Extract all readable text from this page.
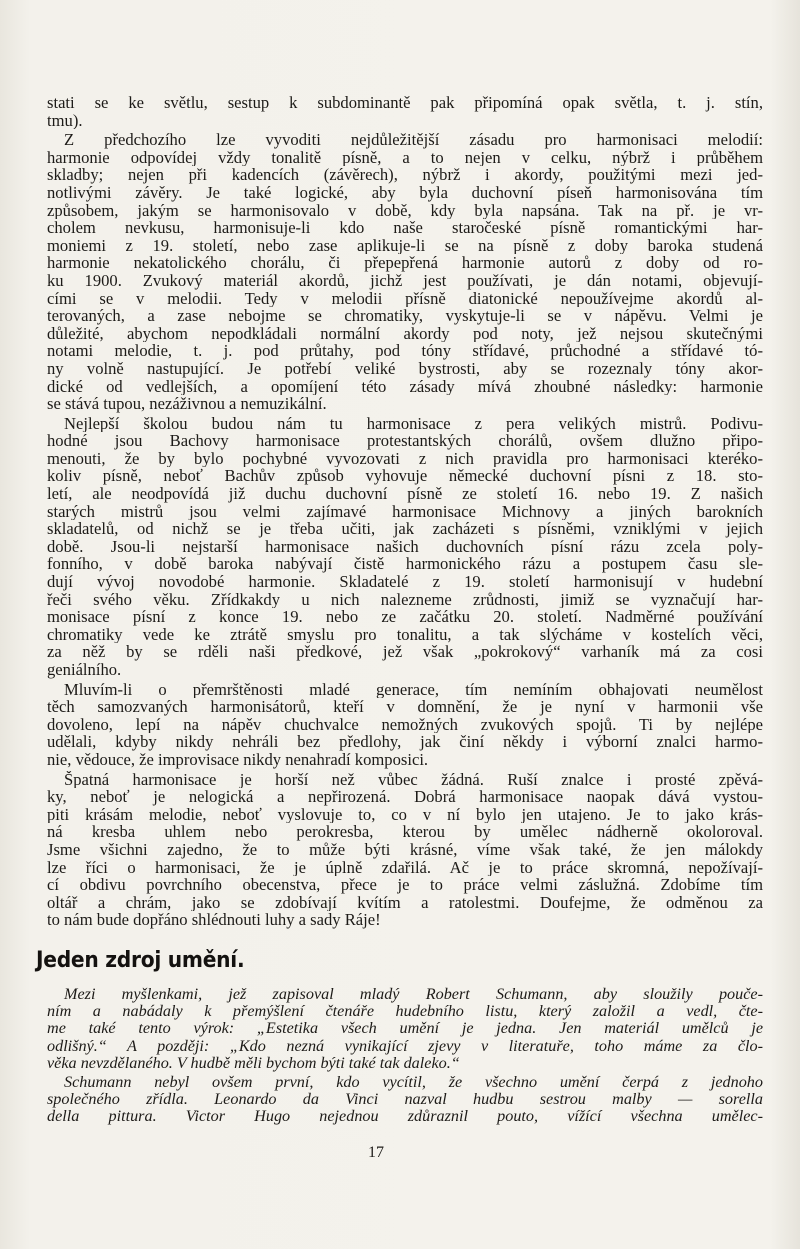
stati se ke světlu, sestup k subdominantě pak připomíná opak světla, t. j. stín,
tmu).
Z předchozího lze vyvoditi nejdůležitější zásadu pro harmonisaci melodií:
harmonie odpovídej vždy tonalitě písně, a to nejen v celku, nýbrž i průběhem
skladby; nejen při kadencích (závěrech), nýbrž i akordy, použitými mezi jed-
notlivými závěry. Je také logické, aby byla duchovní píseň harmonisována tím
způsobem, jakým se harmonisovalo v době, kdy byla napsána. Tak na př. je vr-
cholem nevkusu, harmonisuje-li kdo naše staročeské písně romantickými har-
moniemi z 19. století, nebo zase aplikuje-li se na písně z doby baroka studená
harmonie nekatolického chorálu, či přepepřená harmonie autorů z doby od ro-
ku 1900. Zvukový materiál akordů, jichž jest používati, je dán notami, objevují-
cími se v melodii. Tedy v melodii přísně diatonické nepoužívejme akordů al-
terovaných, a zase nebojme se chromatiky, vyskytuje-li se v nápěvu. Velmi je
důležité, abychom nepodkládali normální akordy pod noty, jež nejsou skutečnými
notami melodie, t. j. pod průtahy, pod tóny střídavé, průchodné a střídavé tó-
ny volně nastupující. Je potřebí veliké bystrosti, aby se rozeznaly tóny akor-
dické od vedlejších, a opomíjení této zásady mívá zhoubné následky: harmonie
se stává tupou, nezáživnou a nemuzikální.
Nejlepší školou budou nám tu harmonisace z pera velikých mistrů. Podivu-
hodné jsou Bachovy harmonisace protestantských chorálů, ovšem dlužno připo-
menouti, že by bylo pochybné vyvozovati z nich pravidla pro harmonisaci kteréko-
koliv písně, neboť Bachův způsob vyhovuje německé duchovní písni z 18. sto-
letí, ale neodpovídá již duchu duchovní písně ze století 16. nebo 19. Z našich
starých mistrů jsou velmi zajímavé harmonisace Michnovy a jiných barokních
skladatelů, od nichž se je třeba učiti, jak zacházeti s písněmi, vzniklými v jejich
době. Jsou-li nejstarší harmonisace našich duchovních písní rázu zcela poly-
fonního, v době baroka nabývají čistě harmonického rázu a postupem času sle-
dují vývoj novodobé harmonie. Skladatelé z 19. století harmonisují v hudební
řeči svého věku. Zřídkakdy u nich nalezneme zrůdnosti, jimiž se vyznačují har-
monisace písní z konce 19. nebo ze začátku 20. století. Nadměrné používání
chromatiky vede ke ztrátě smyslu pro tonalitu, a tak slýcháme v kostelích věci,
za něž by se rděli naši předkové, jež však „pokrokový“ varhaník má za cosi
geniálního.
Mluvím-li o přemrštěnosti mladé generace, tím nemíním obhajovati neumělost
těch samozvaných harmonisátorů, kteří v domnění, že je nyní v harmonii vše
dovoleno, lepí na nápěv chuchvalce nemožných zvukových spojů. Ti by nejlépe
udělali, kdyby nikdy nehráli bez předlohy, jak činí někdy i výborní znalci harmo-
nie, vědouce, že improvisace nikdy nenahradí komposici.
Špatná harmonisace je horší než vůbec žádná. Ruší znalce i prosté zpěvá-
ky, neboť je nelogická a nepřirozená. Dobrá harmonisace naopak dává vystou-
piti krásám melodie, neboť vyslovuje to, co v ní bylo jen utajeno. Je to jako krás-
ná kresba uhlem nebo perokresba, kterou by umělec nádherně okoloroval.
Jsme všichni zajedno, že to může býti krásné, víme však také, že jen málokdy
lze říci o harmonisaci, že je úplně zdařilá. Ač je to práce skromná, nepožívají-
cí obdivu povrchního obecenstva, přece je to práce velmi záslužná. Zdobíme tím
oltář a chrám, jako se zdobívají kvítím a ratolestmi. Doufejme, že odměnou za
to nám bude dopřáno shlédnouti luhy a sady Ráje!
Jeden zdroj umění.
Mezi myšlenkami, jež zapisoval mladý Robert Schumann, aby sloužily pouče-
ním a nabádaly k přemýšlení čtenáře hudebního listu, který založil a vedl, čte-
me také tento výrok: „Estetika všech umění je jedna. Jen materiál umělců je
odlišný.“ A později: „Kdo nezná vynikající zjevy v literatuře, toho máme za člo-
věka nevzdělaného. V hudbě měli bychom býti také tak daleko.“
Schumann nebyl ovšem první, kdo vycítil, že všechno umění čerpá z jednoho
společného zřídla. Leonardo da Vinci nazval hudbu sestrou malby — sorella
della pittura. Victor Hugo nejednou zdůraznil pouto, vížící všechna umělec-
17
